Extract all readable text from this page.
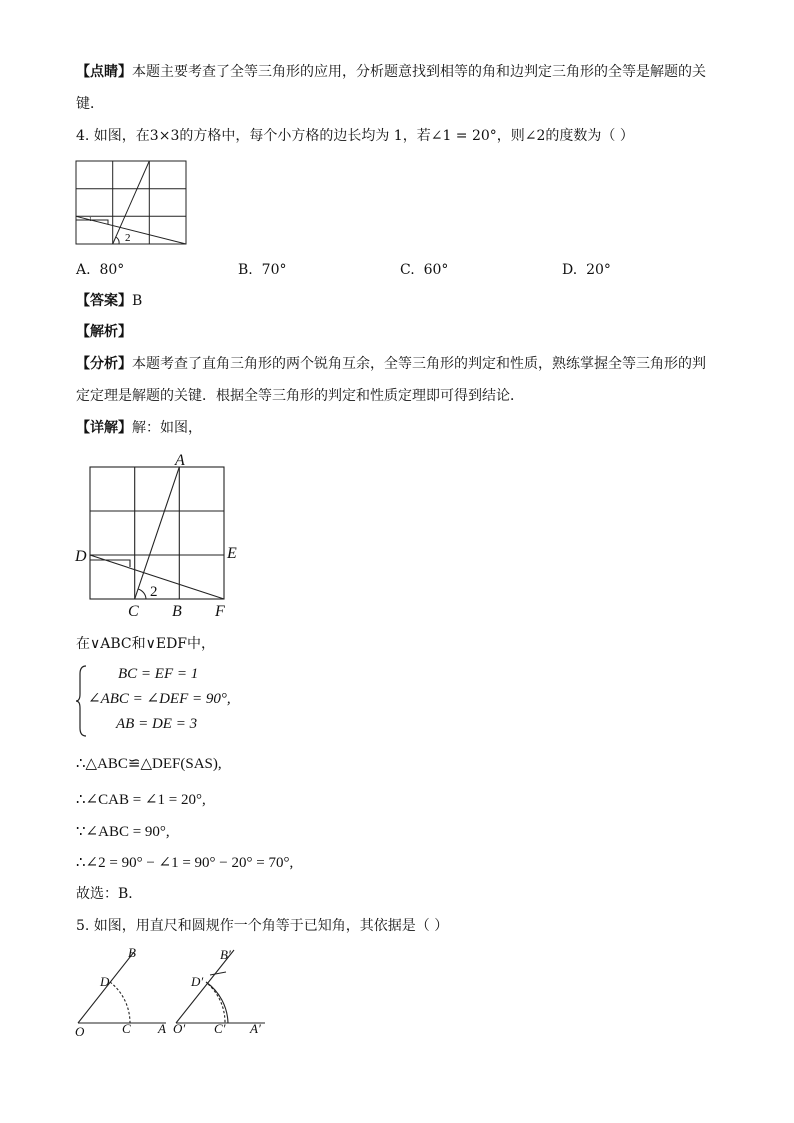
【点睛】本题主要考查了全等三角形的应用，分析题意找到相等的角和边判定三角形的全等是解题的关
键．
4. 如图，在3×3的方格中，每个小方格的边长均为 1，若∠1 = 20°，则∠2的度数为（ ）
1
2
A. 80°	B. 70°	C. 60°	D. 20°
【答案】B
【解析】
【分析】本题考查了直角三角形的两个锐角互余，全等三角形的判定和性质，熟练掌握全等三角形的判
定定理是解题的关键．根据全等三角形的判定和性质定理即可得到结论．
【详解】解：如图，
A
D	E
C B F
2
在∨ABC和∨EDF中，
BC = EF = 1
∠ABC = ∠DEF = 90°,
AB = DE = 3
∴△ABC≌△DEF(SAS),
∴∠CAB = ∠1 = 20°,
∵∠ABC = 90°,
∴∠2 = 90° − ∠1 = 90° − 20° = 70°,
故选：B．
5. 如图，用直尺和圆规作一个角等于已知角，其依据是（ ）
B
D
O	C A
B′
D′
O′ C′ A′
